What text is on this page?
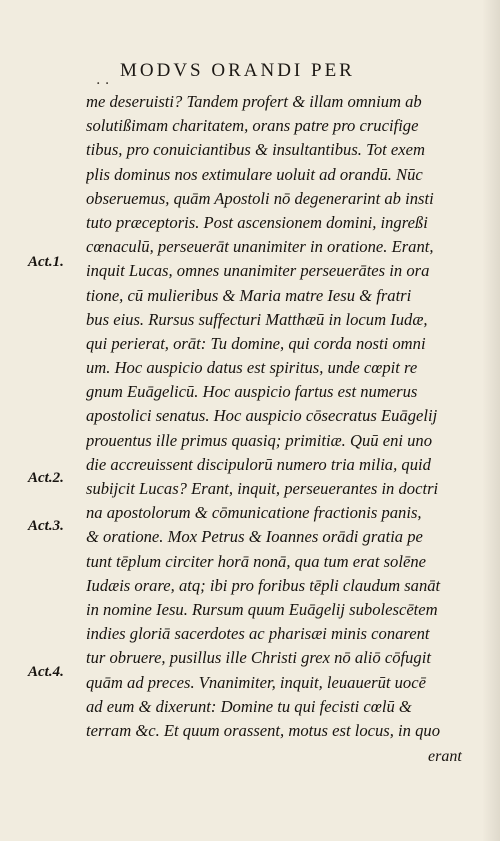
. . MODVS ORANDI PER
Act.1.
Act.2.
Act.3.
Act.4.
me deseruisti? Tandem profert & illam omnium ab
solutißimam charitatem, orans patre pro crucifige
tibus, pro conuiciantibus & insultantibus. Tot exem
plis dominus nos extimulare uoluit ad orandū. Nūc
obseruemus, quām Apostoli nō degenerarint ab insti
tuto præceptoris. Post ascensionem domini, ingreßi
cœnaculū, perseuerāt unanimiter in oratione. Erant,
inquit Lucas, omnes unanimiter perseuerātes in ora
tione, cū mulieribus & Maria matre Iesu & fratri
bus eius. Rursus suffecturi Matthæū in locum Iudæ,
qui perierat, orāt: Tu domine, qui corda nosti omni
um. Hoc auspicio datus est spiritus, unde cœpit re
gnum Euāgelicū. Hoc auspicio fartus est numerus
apostolici senatus. Hoc auspicio cōsecratus Euāgelij
prouentus ille primus quasiq; primitiæ. Quū eni uno
die accreuissent discipulorū numero tria milia, quid
subijcit Lucas? Erant, inquit, perseuerantes in doctri
na apostolorum & cōmunicatione fractionis panis,
& oratione. Mox Petrus & Ioannes orādi gratia pe
tunt tēplum circiter horā nonā, qua tum erat solēne
Iudæis orare, atq; ibi pro foribus tēpli claudum sanāt
in nomine Iesu. Rursum quum Euāgelij subolescētem
indies gloriā sacerdotes ac pharisæi minis conarent
tur obruere, pusillus ille Christi grex nō aliō cōfugit
quām ad preces. Vnanimiter, inquit, leuauerūt uocē
ad eum & dixerunt: Domine tu qui fecisti cœlū &
terram &c. Et quum orassent, motus est locus, in quo
erant
